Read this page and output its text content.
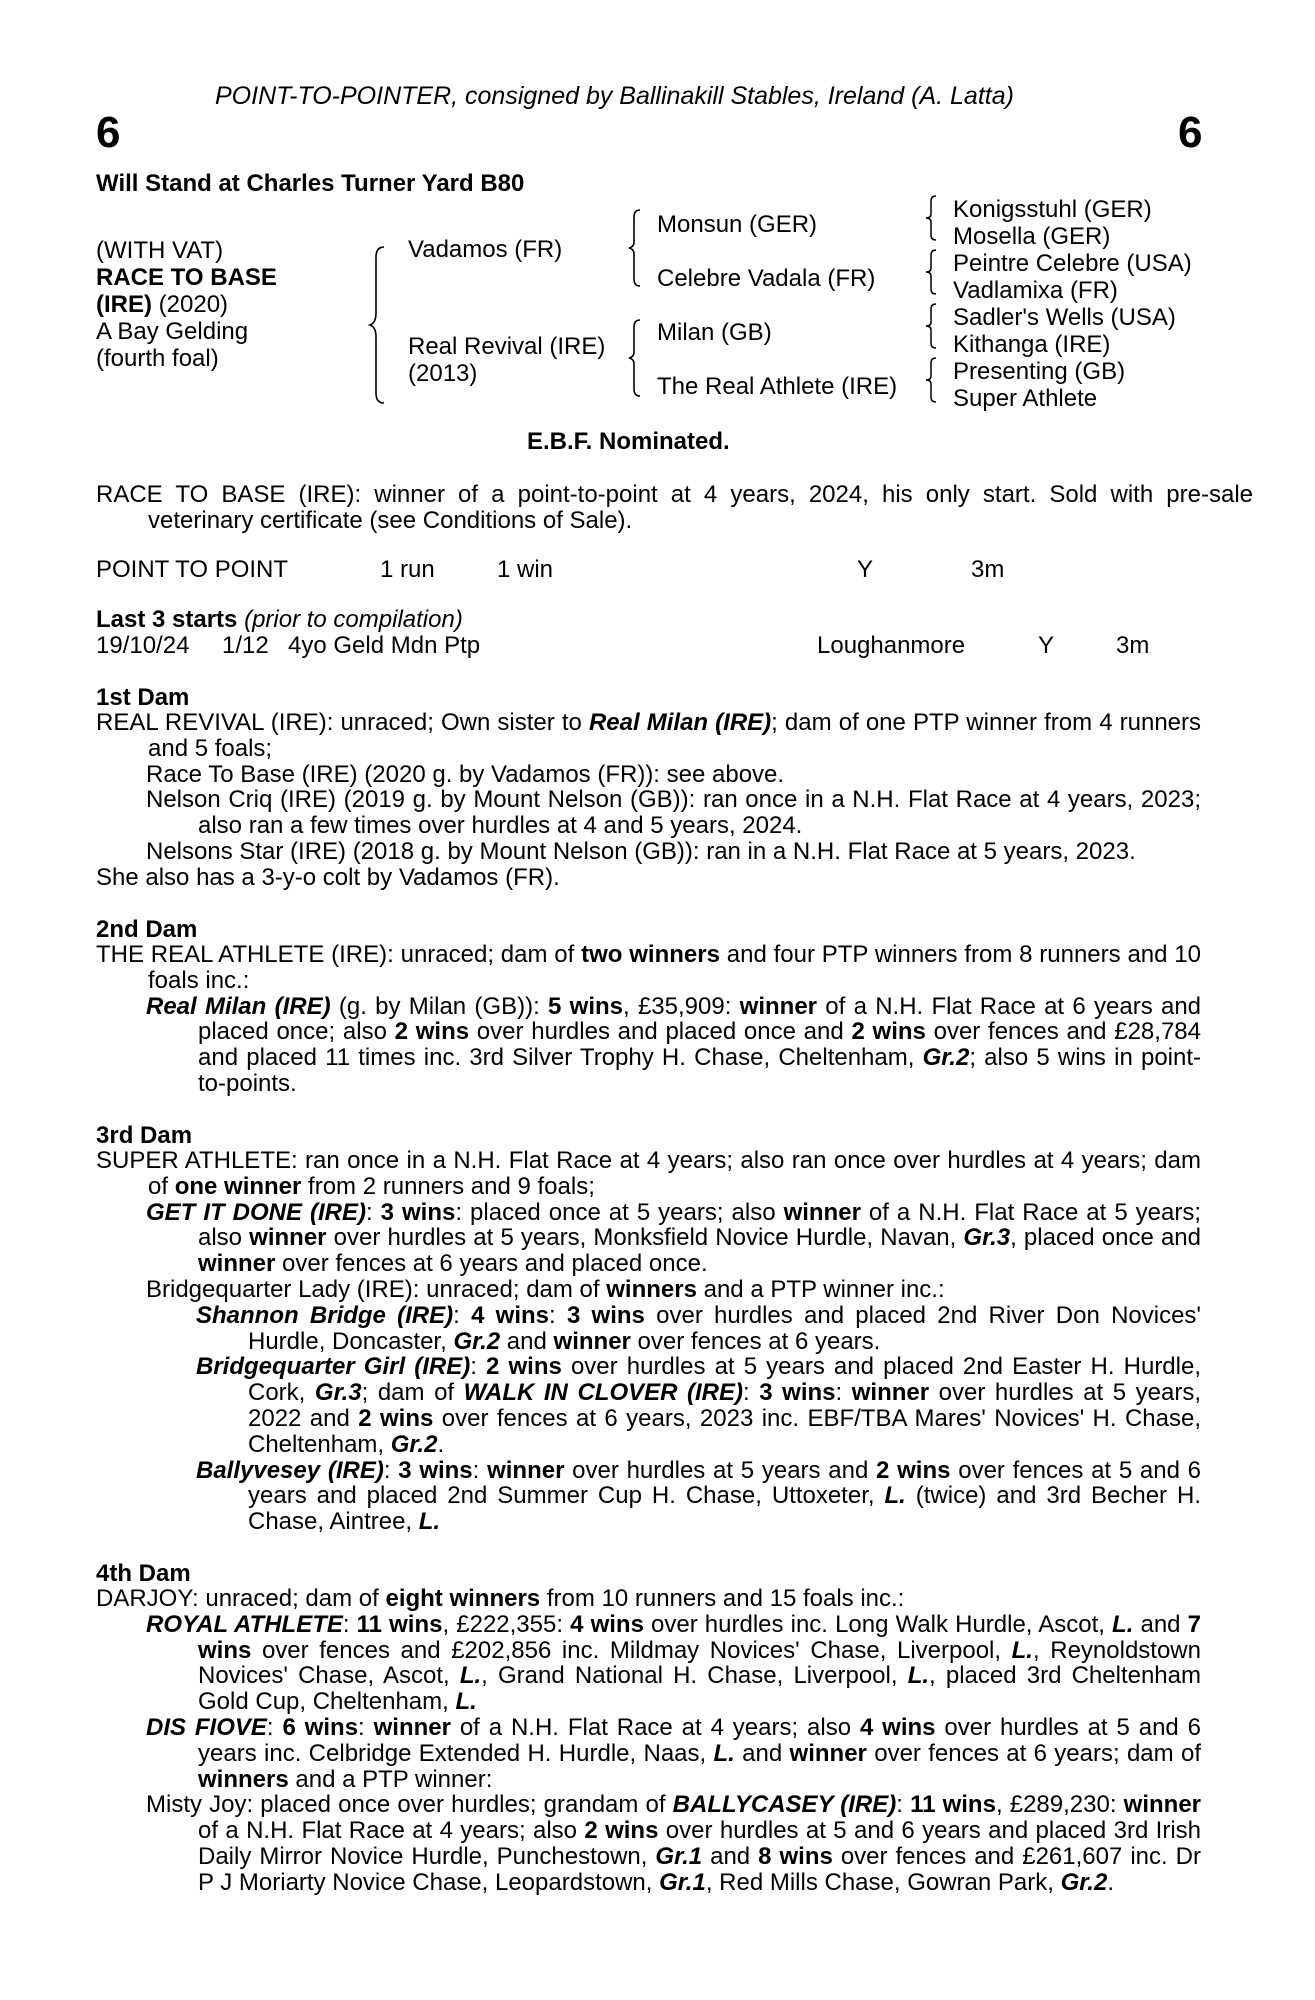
POINT-TO-POINTER, consigned by Ballinakill Stables, Ireland (A. Latta)
6	6
Will Stand at Charles Turner Yard B80
(WITH VAT)
RACE TO BASE
(IRE) (2020)
A Bay Gelding
(fourth foal)
Vadamos (FR)
Real Revival (IRE)
(2013)
Monsun (GER)
Celebre Vadala (FR)
Milan (GB)
The Real Athlete (IRE)
Konigsstuhl (GER)
Mosella (GER)
Peintre Celebre (USA)
Vadlamixa (FR)
Sadler's Wells (USA)
Kithanga (IRE)
Presenting (GB)
Super Athlete
E.B.F. Nominated.
RACE TO BASE (IRE): winner of a point-to-point at 4 years, 2024, his only start. Sold with pre-sale veterinary certificate (see Conditions of Sale).
POINT TO POINT	1 run	1 win	Y	3m
Last 3 starts (prior to compilation)
19/10/24 1/12 4yo Geld Mdn Ptp	Loughanmore	Y	3m
1st Dam
REAL REVIVAL (IRE): unraced; Own sister to Real Milan (IRE); dam of one PTP winner from 4 runners and 5 foals;
Race To Base (IRE) (2020 g. by Vadamos (FR)): see above.
Nelson Criq (IRE) (2019 g. by Mount Nelson (GB)): ran once in a N.H. Flat Race at 4 years, 2023; also ran a few times over hurdles at 4 and 5 years, 2024.
Nelsons Star (IRE) (2018 g. by Mount Nelson (GB)): ran in a N.H. Flat Race at 5 years, 2023.
She also has a 3-y-o colt by Vadamos (FR).
2nd Dam
THE REAL ATHLETE (IRE): unraced; dam of two winners and four PTP winners from 8 runners and 10 foals inc.:
Real Milan (IRE) (g. by Milan (GB)): 5 wins, £35,909: winner of a N.H. Flat Race at 6 years and placed once; also 2 wins over hurdles and placed once and 2 wins over fences and £28,784 and placed 11 times inc. 3rd Silver Trophy H. Chase, Cheltenham, Gr.2; also 5 wins in point-to-points.
3rd Dam
SUPER ATHLETE: ran once in a N.H. Flat Race at 4 years; also ran once over hurdles at 4 years; dam of one winner from 2 runners and 9 foals;
GET IT DONE (IRE): 3 wins: placed once at 5 years; also winner of a N.H. Flat Race at 5 years; also winner over hurdles at 5 years, Monksfield Novice Hurdle, Navan, Gr.3, placed once and winner over fences at 6 years and placed once.
Bridgequarter Lady (IRE): unraced; dam of winners and a PTP winner inc.:
Shannon Bridge (IRE): 4 wins: 3 wins over hurdles and placed 2nd River Don Novices' Hurdle, Doncaster, Gr.2 and winner over fences at 6 years.
Bridgequarter Girl (IRE): 2 wins over hurdles at 5 years and placed 2nd Easter H. Hurdle, Cork, Gr.3; dam of WALK IN CLOVER (IRE): 3 wins: winner over hurdles at 5 years, 2022 and 2 wins over fences at 6 years, 2023 inc. EBF/TBA Mares' Novices' H. Chase, Cheltenham, Gr.2.
Ballyvesey (IRE): 3 wins: winner over hurdles at 5 years and 2 wins over fences at 5 and 6 years and placed 2nd Summer Cup H. Chase, Uttoxeter, L. (twice) and 3rd Becher H. Chase, Aintree, L.
4th Dam
DARJOY: unraced; dam of eight winners from 10 runners and 15 foals inc.:
ROYAL ATHLETE: 11 wins, £222,355: 4 wins over hurdles inc. Long Walk Hurdle, Ascot, L. and 7 wins over fences and £202,856 inc. Mildmay Novices' Chase, Liverpool, L., Reynoldstown Novices' Chase, Ascot, L., Grand National H. Chase, Liverpool, L., placed 3rd Cheltenham Gold Cup, Cheltenham, L.
DIS FIOVE: 6 wins: winner of a N.H. Flat Race at 4 years; also 4 wins over hurdles at 5 and 6 years inc. Celbridge Extended H. Hurdle, Naas, L. and winner over fences at 6 years; dam of winners and a PTP winner:
Misty Joy: placed once over hurdles; grandam of BALLYCASEY (IRE): 11 wins, £289,230: winner of a N.H. Flat Race at 4 years; also 2 wins over hurdles at 5 and 6 years and placed 3rd Irish Daily Mirror Novice Hurdle, Punchestown, Gr.1 and 8 wins over fences and £261,607 inc. Dr P J Moriarty Novice Chase, Leopardstown, Gr.1, Red Mills Chase, Gowran Park, Gr.2.
